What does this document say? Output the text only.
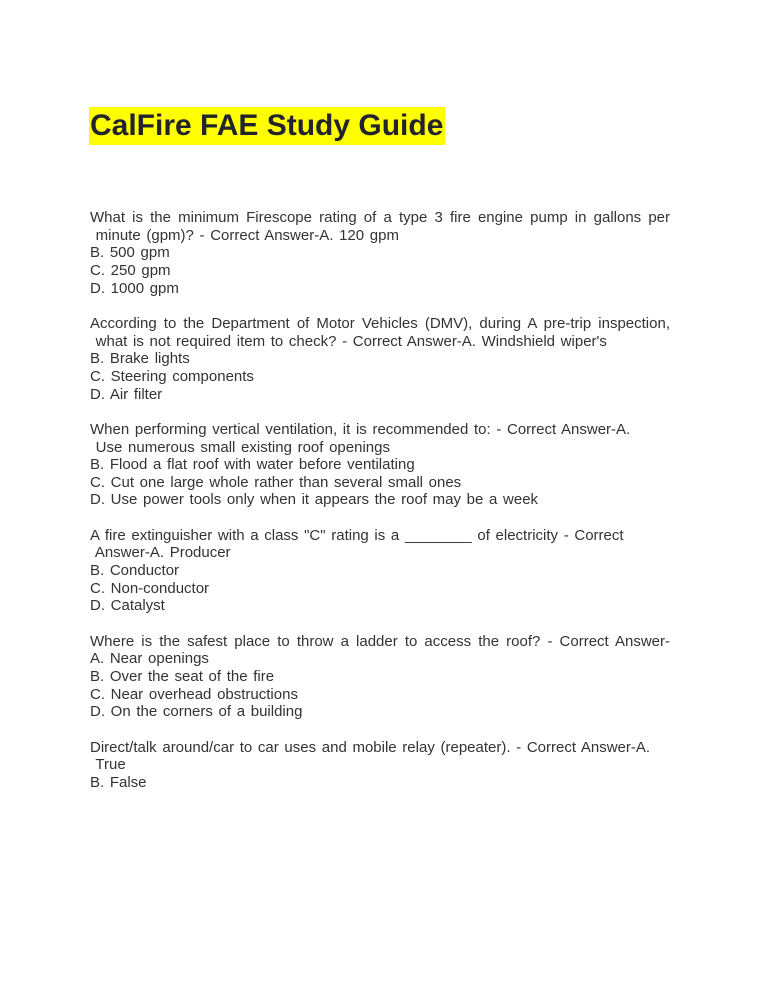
CalFire FAE Study Guide
What is the minimum Firescope rating of a type 3 fire engine pump in gallons per
minute (gpm)? - Correct Answer-A. 120 gpm
B. 500 gpm
C. 250 gpm
D. 1000 gpm
According to the Department of Motor Vehicles (DMV), during A pre-trip inspection,
what is not required item to check? - Correct Answer-A. Windshield wiper's
B. Brake lights
C. Steering components
D. Air filter
When performing vertical ventilation, it is recommended to: - Correct Answer-A.
Use numerous small existing roof openings
B. Flood a flat roof with water before ventilating
C. Cut one large whole rather than several small ones
D. Use power tools only when it appears the roof may be a week
A fire extinguisher with a class "C" rating is a ________ of electricity - Correct
Answer-A. Producer
B. Conductor
C. Non-conductor
D. Catalyst
Where is the safest place to throw a ladder to access the roof? - Correct Answer-
A. Near openings
B. Over the seat of the fire
C. Near overhead obstructions
D. On the corners of a building
Direct/talk around/car to car uses and mobile relay (repeater). - Correct Answer-A.
True
B. False
